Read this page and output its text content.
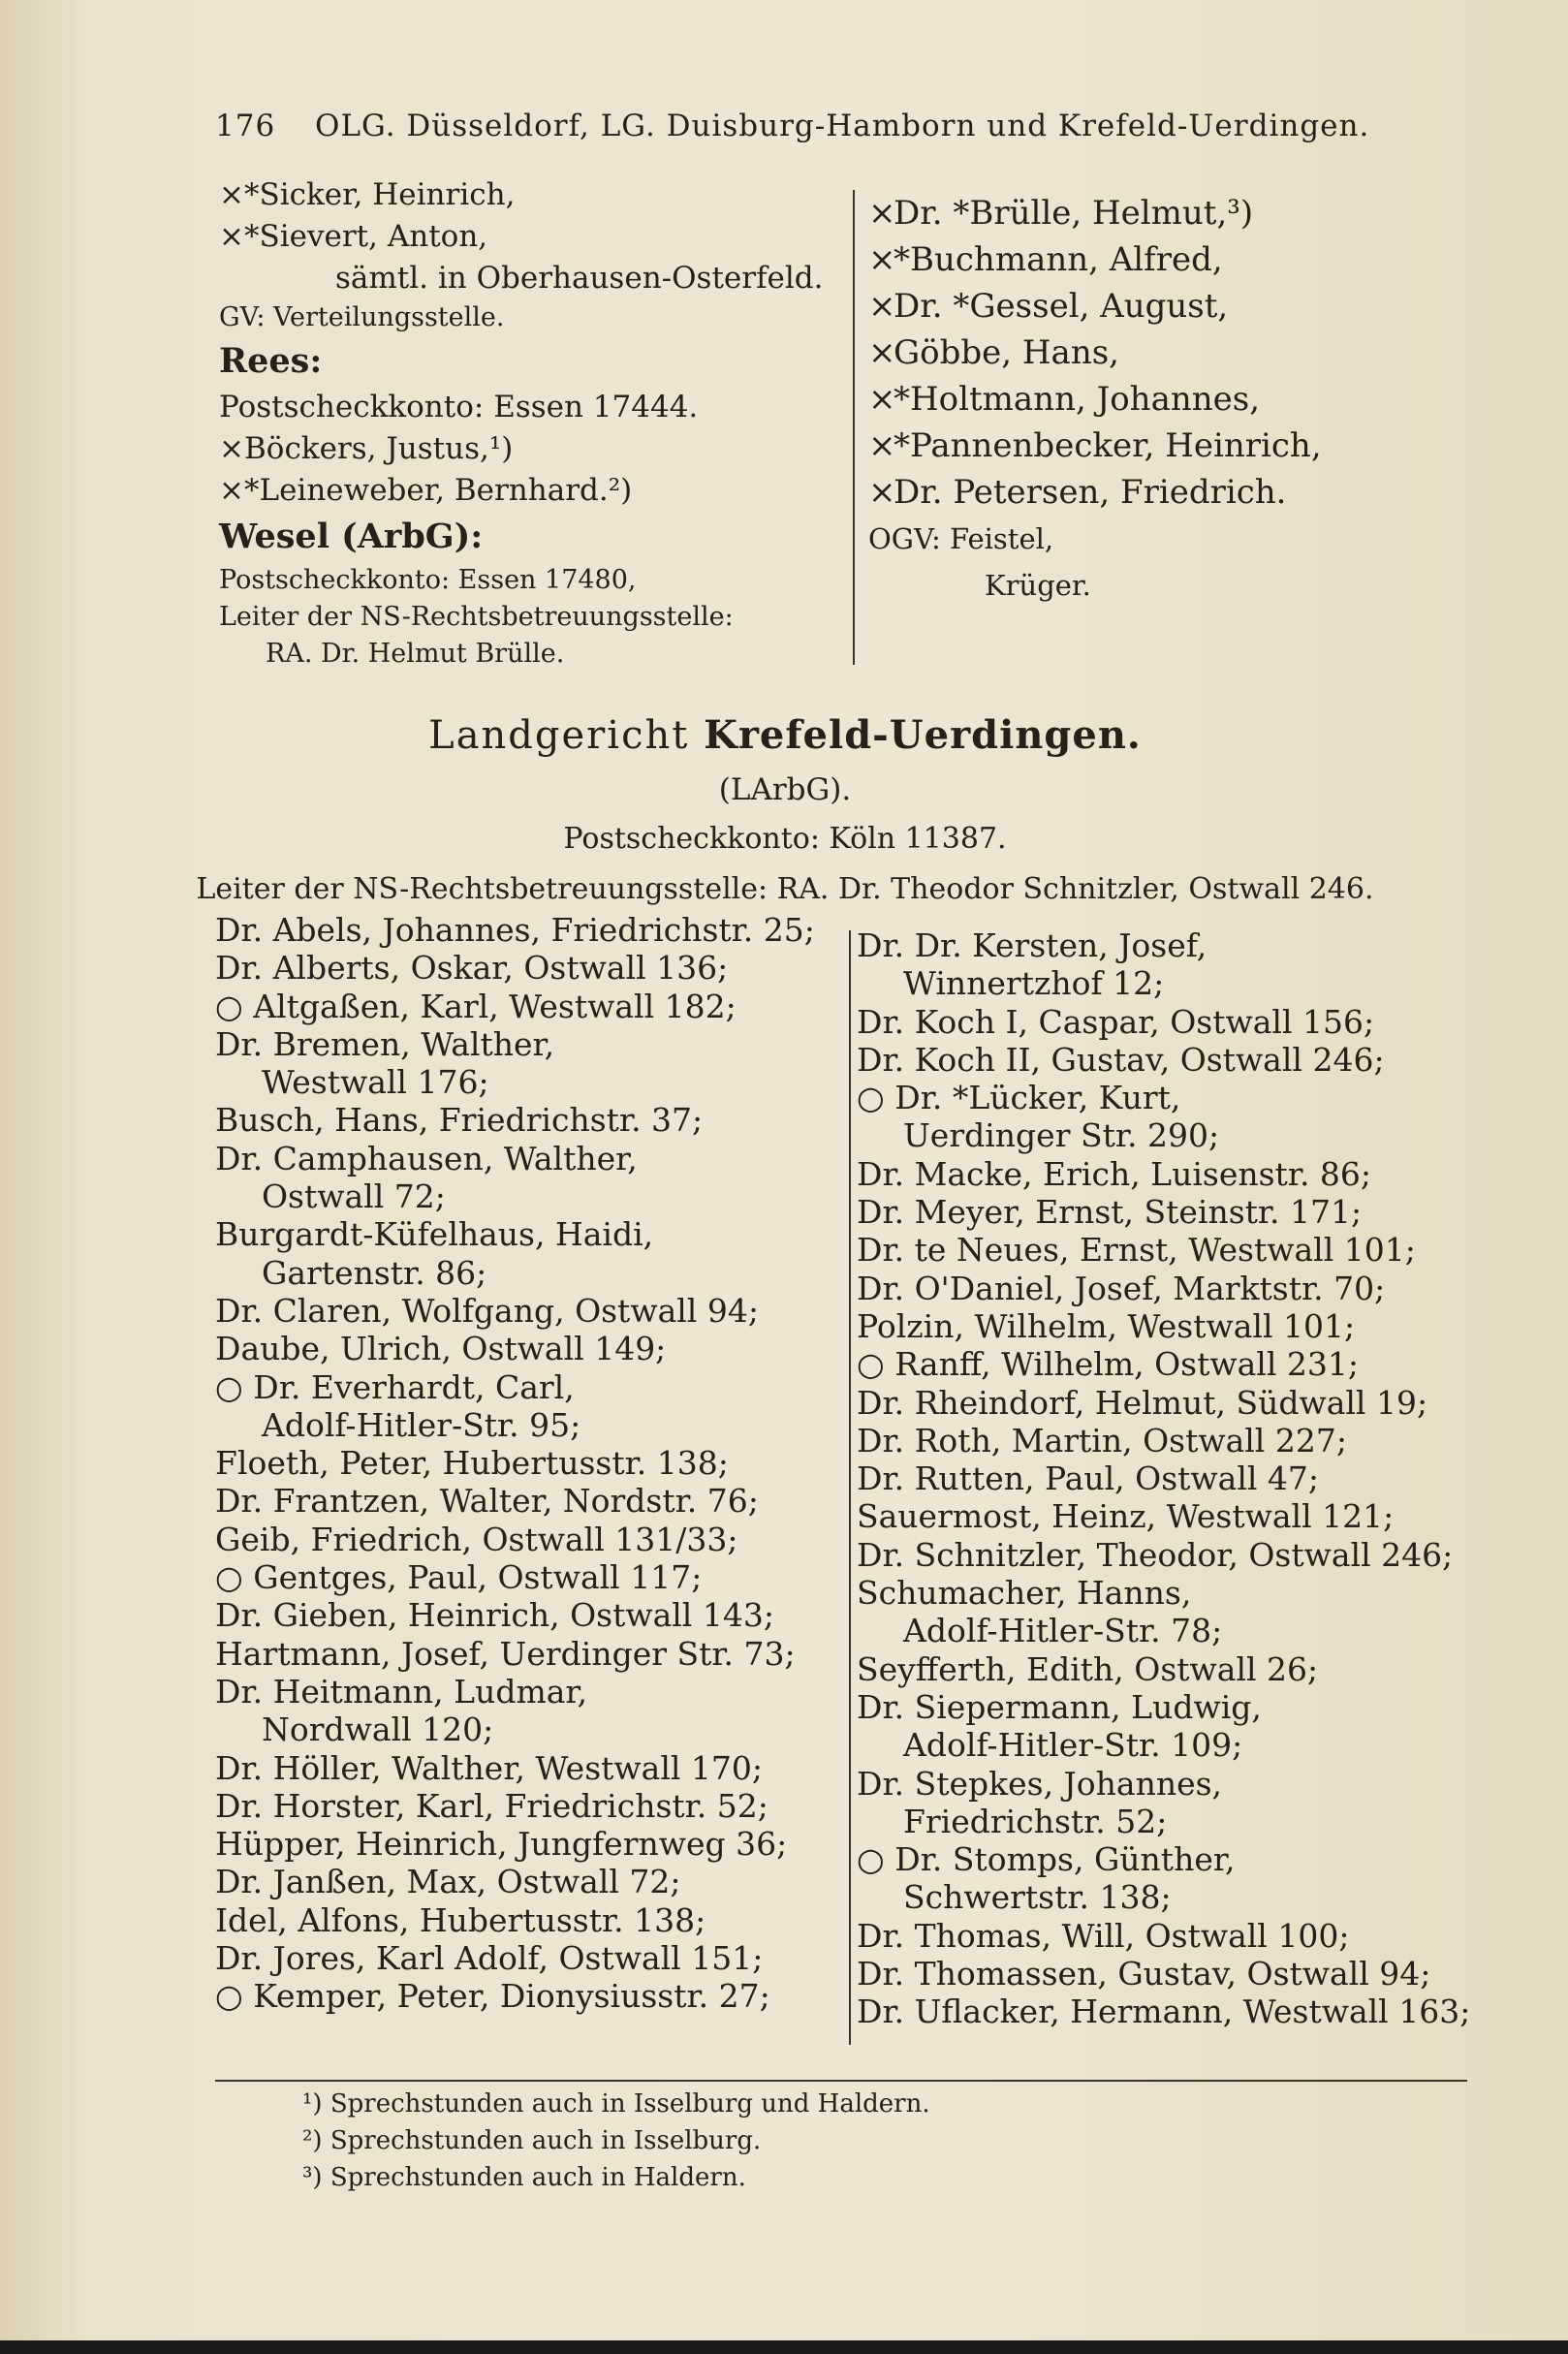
176 OLG. Düsseldorf, LG. Duisburg-Hamborn und Krefeld-Uerdingen.
×*Sicker, Heinrich,
×*Sievert, Anton,
sämtl. in Oberhausen-Osterfeld.
GV: Verteilungsstelle.
Rees:
Postscheckkonto: Essen 17444.
×Böckers, Justus,¹)
×*Leineweber, Bernhard.²)
Wesel (ArbG):
Postscheckkonto: Essen 17480,
Leiter der NS-Rechtsbetreuungsstelle:
RA. Dr. Helmut Brülle.
×Dr. *Brülle, Helmut,³)
×*Buchmann, Alfred,
×Dr. *Gessel, August,
×Göbbe, Hans,
×*Holtmann, Johannes,
×*Pannenbecker, Heinrich,
×Dr. Petersen, Friedrich.
OGV: Feistel,
Krüger.
Landgericht Krefeld-Uerdingen.
(LArbG).
Postscheckkonto: Köln 11387.
Leiter der NS-Rechtsbetreuungsstelle: RA. Dr. Theodor Schnitzler, Ostwall 246.
Dr. Abels, Johannes, Friedrichstr. 25;
Dr. Alberts, Oskar, Ostwall 136;
○ Altgaßen, Karl, Westwall 182;
Dr. Bremen, Walther,
Westwall 176;
Busch, Hans, Friedrichstr. 37;
Dr. Camphausen, Walther,
Ostwall 72;
Burgardt-Küfelhaus, Haidi,
Gartenstr. 86;
Dr. Claren, Wolfgang, Ostwall 94;
Daube, Ulrich, Ostwall 149;
○ Dr. Everhardt, Carl,
Adolf-Hitler-Str. 95;
Floeth, Peter, Hubertusstr. 138;
Dr. Frantzen, Walter, Nordstr. 76;
Geib, Friedrich, Ostwall 131/33;
○ Gentges, Paul, Ostwall 117;
Dr. Gieben, Heinrich, Ostwall 143;
Hartmann, Josef, Uerdinger Str. 73;
Dr. Heitmann, Ludmar,
Nordwall 120;
Dr. Höller, Walther, Westwall 170;
Dr. Horster, Karl, Friedrichstr. 52;
Hüpper, Heinrich, Jungfernweg 36;
Dr. Janßen, Max, Ostwall 72;
Idel, Alfons, Hubertusstr. 138;
Dr. Jores, Karl Adolf, Ostwall 151;
○ Kemper, Peter, Dionysiusstr. 27;
Dr. Dr. Kersten, Josef,
Winnertzhof 12;
Dr. Koch I, Caspar, Ostwall 156;
Dr. Koch II, Gustav, Ostwall 246;
○ Dr. *Lücker, Kurt,
Uerdinger Str. 290;
Dr. Macke, Erich, Luisenstr. 86;
Dr. Meyer, Ernst, Steinstr. 171;
Dr. te Neues, Ernst, Westwall 101;
Dr. O'Daniel, Josef, Marktstr. 70;
Polzin, Wilhelm, Westwall 101;
○ Ranff, Wilhelm, Ostwall 231;
Dr. Rheindorf, Helmut, Südwall 19;
Dr. Roth, Martin, Ostwall 227;
Dr. Rutten, Paul, Ostwall 47;
Sauermost, Heinz, Westwall 121;
Dr. Schnitzler, Theodor, Ostwall 246;
Schumacher, Hanns,
Adolf-Hitler-Str. 78;
Seyfferth, Edith, Ostwall 26;
Dr. Siepermann, Ludwig,
Adolf-Hitler-Str. 109;
Dr. Stepkes, Johannes,
Friedrichstr. 52;
○ Dr. Stomps, Günther,
Schwertstr. 138;
Dr. Thomas, Will, Ostwall 100;
Dr. Thomassen, Gustav, Ostwall 94;
Dr. Uflacker, Hermann, Westwall 163;
¹) Sprechstunden auch in Isselburg und Haldern.
²) Sprechstunden auch in Isselburg.
³) Sprechstunden auch in Haldern.
